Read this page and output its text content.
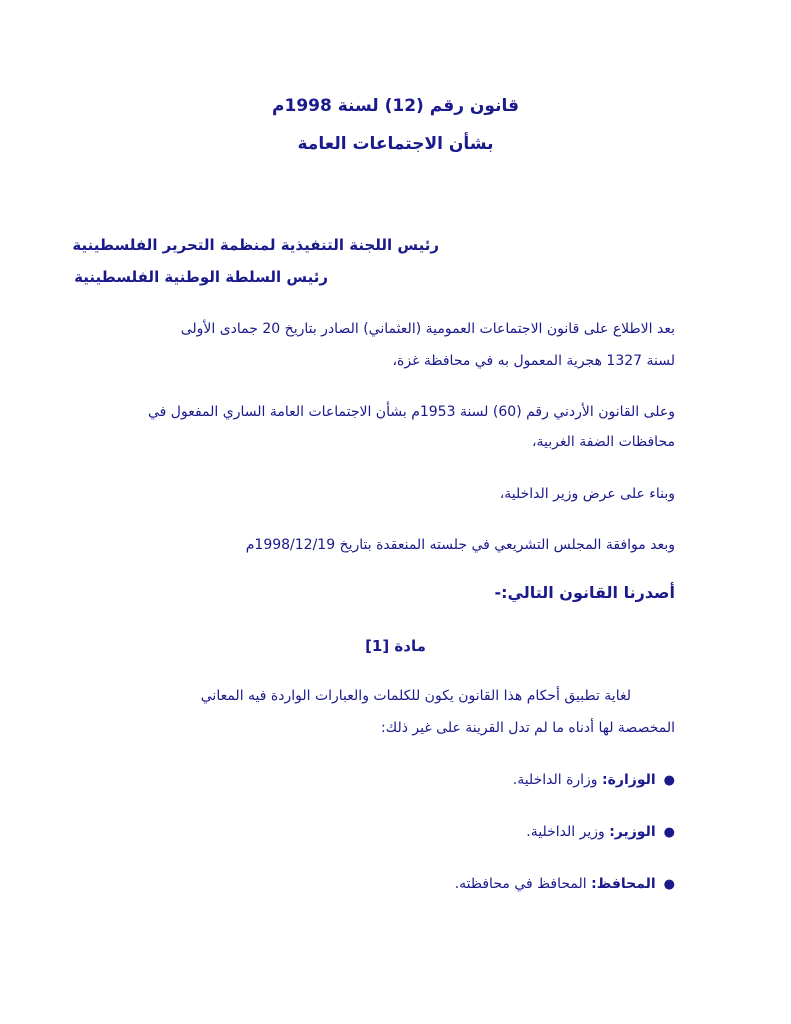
قانون رقم (12) لسنة 1998م
بشأن الاجتماعات العامة
رئيس اللجنة التنفيذية لمنظمة التحرير الفلسطينية
رئيس السلطة الوطنية الفلسطينية
بعد الاطلاع على قانون الاجتماعات العمومية (العثماني) الصادر بتاريخ 20 جمادى الأولى
لسنة 1327 هجرية المعمول به في محافظة غزة،
وعلى القانون الأردني رقم (60) لسنة 1953م بشأن الاجتماعات العامة الساري المفعول في
محافظات الضفة الغربية،
وبناء على عرض وزير الداخلية،
وبعد موافقة المجلس التشريعي في جلسته المنعقدة بتاريخ 1998/12/19م
أصدرنا القانون التالي:-
مادة [1]
لغاية تطبيق أحكام هذا القانون يكون للكلمات والعبارات الواردة فيه المعاني
المخصصة لها أدناه ما لم تدل القرينة على غير ذلك:
●الوزارة: وزارة الداخلية.
●الوزير: وزير الداخلية.
●المحافظ: المحافظ في محافظته.
